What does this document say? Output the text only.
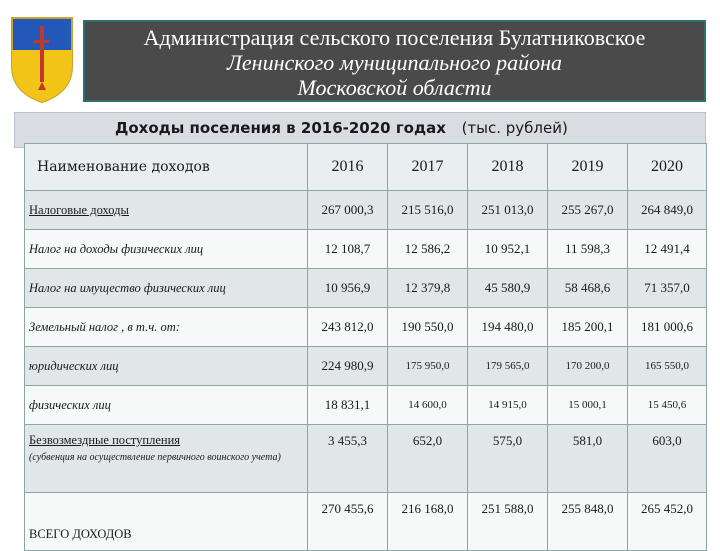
Администрация сельского поселения Булатниковское
Ленинского муниципального района
Московской области
Доходы поселения в 2016-2020 годах (тыс. рублей)
Наименование доходов	2016	2017	2018	2019	2020
Налоговые доходы	267 000,3	215 516,0	251 013,0	255 267,0	264 849,0
Налог на доходы физических лиц	12 108,7	12 586,2	10 952,1	11 598,3	12 491,4
Налог на имущество физических лиц	10 956,9	12 379,8	45 580,9	58 468,6	71 357,0
Земельный налог , в т.ч. от:	243 812,0	190 550,0	194 480,0	185 200,1	181 000,6
юридических лиц	224 980,9	175 950,0	179 565,0	170 200,0	165 550,0
физических лиц	18 831,1	14 600,0	14 915,0	15 000,1	15 450,6
Безвозмездные поступления
(субвенция на осуществление первичного воинского учета)	3 455,3	652,0	575,0	581,0	603,0
ВСЕГО ДОХОДОВ	270 455,6	216 168,0	251 588,0	255 848,0	265 452,0
